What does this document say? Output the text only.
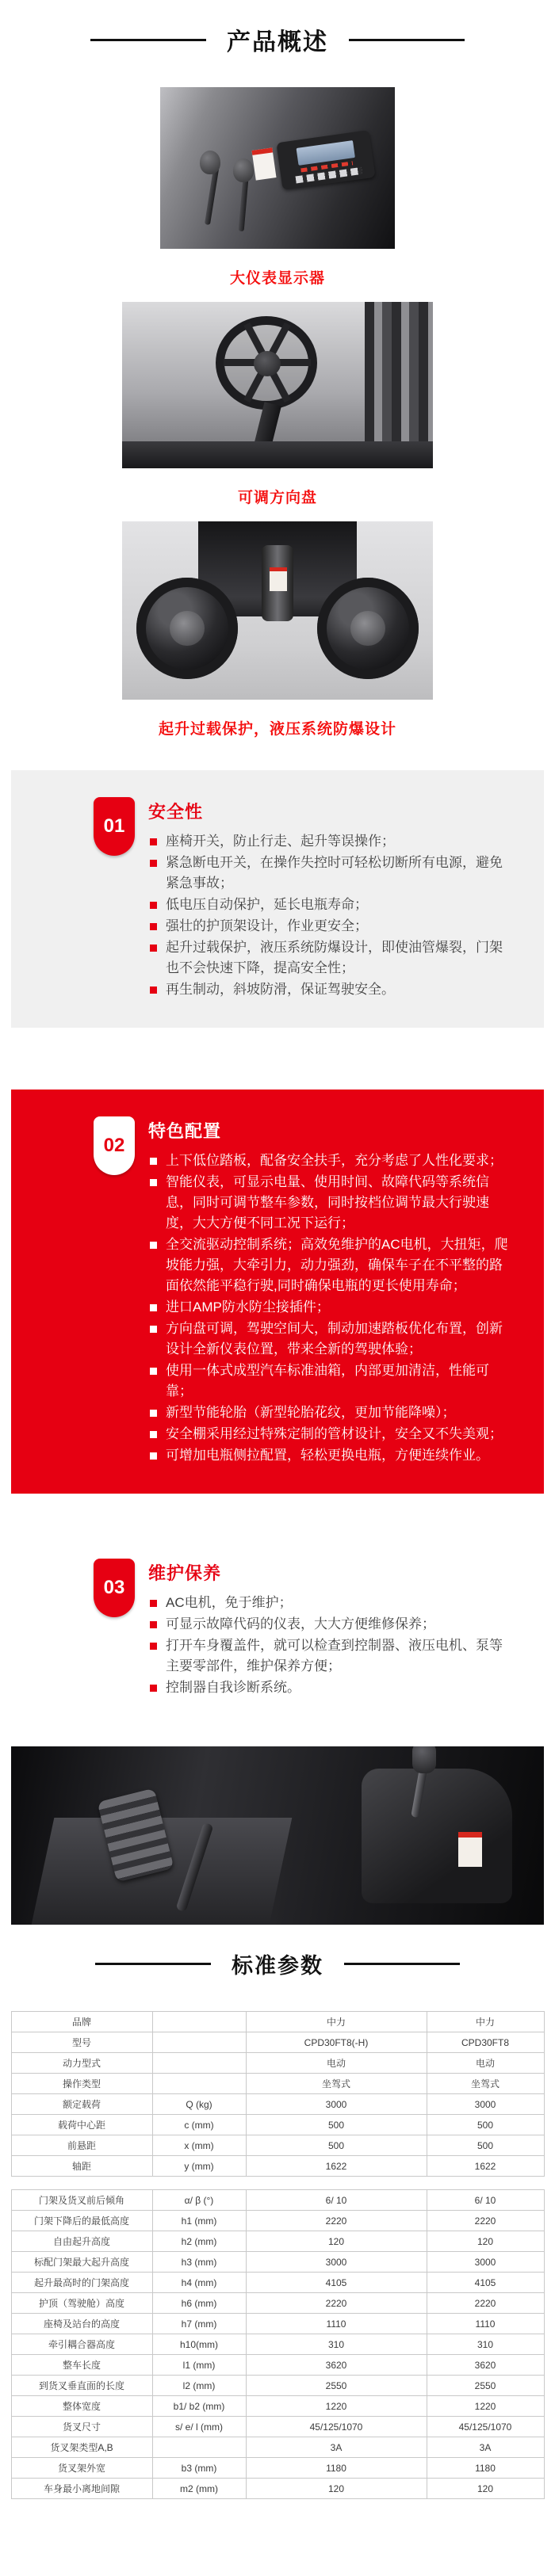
产品概述
大仪表显示器
可调方向盘
起升过载保护，液压系统防爆设计
01
安全性
座椅开关，防止行走、起升等误操作；
紧急断电开关，在操作失控时可轻松切断所有电源，避免紧急事故；
低电压自动保护，延长电瓶寿命；
强壮的护顶架设计，作业更安全；
起升过载保护，液压系统防爆设计，即使油管爆裂，门架也不会快速下降，提高安全性；
再生制动，斜坡防滑，保证驾驶安全。
02
特色配置
上下低位踏板，配备安全扶手，充分考虑了人性化要求；
智能仪表，可显示电量、使用时间、故障代码等系统信息，同时可调节整车参数，同时按档位调节最大行驶速度，大大方便不同工况下运行；
全交流驱动控制系统；高效免维护的AC电机，大扭矩，爬坡能力强，大牵引力，动力强劲，确保车子在不平整的路面依然能平稳行驶,同时确保电瓶的更长使用寿命；
进口AMP防水防尘接插件；
方向盘可调，驾驶空间大，制动加速踏板优化布置，创新设计全新仪表位置，带来全新的驾驶体验；
使用一体式成型汽车标准油箱，内部更加清洁，性能可靠；
新型节能轮胎（新型轮胎花纹，更加节能降噪）；
安全棚采用经过特殊定制的管材设计，安全又不失美观；
可增加电瓶侧拉配置，轻松更换电瓶，方便连续作业。
03
维护保养
AC电机，免于维护；
可显示故障代码的仪表，大大方便维修保养；
打开车身覆盖件，就可以检查到控制器、液压电机、泵等主要零部件，维护保养方便；
控制器自我诊断系统。
标准参数
品牌		中力	中力
型号		CPD30FT8(-H)	CPD30FT8
动力型式		电动	电动
操作类型		坐驾式	坐驾式
额定载荷	Q (kg)	3000	3000
载荷中心距	c (mm)	500	500
前悬距	x (mm)	500	500
轴距	y (mm)	1622	1622
门架及货叉前后倾角	α/ β (°)	6/ 10	6/ 10
门架下降后的最低高度	h1 (mm)	2220	2220
自由起升高度	h2 (mm)	120	120
标配门架最大起升高度	h3 (mm)	3000	3000
起升最高时的门架高度	h4 (mm)	4105	4105
护顶（驾驶舱）高度	h6 (mm)	2220	2220
座椅及站台的高度	h7 (mm)	1110	1110
牵引耦合器高度	h10(mm)	310	310
整车长度	l1 (mm)	3620	3620
到货叉垂直面的长度	l2 (mm)	2550	2550
整体宽度	b1/ b2 (mm)	1220	1220
货叉尺寸	s/ e/ l (mm)	45/125/1070	45/125/1070
货叉架类型A,B		3A	3A
货叉架外宽	b3 (mm)	1180	1180
车身最小离地间隙	m2 (mm)	120	120
